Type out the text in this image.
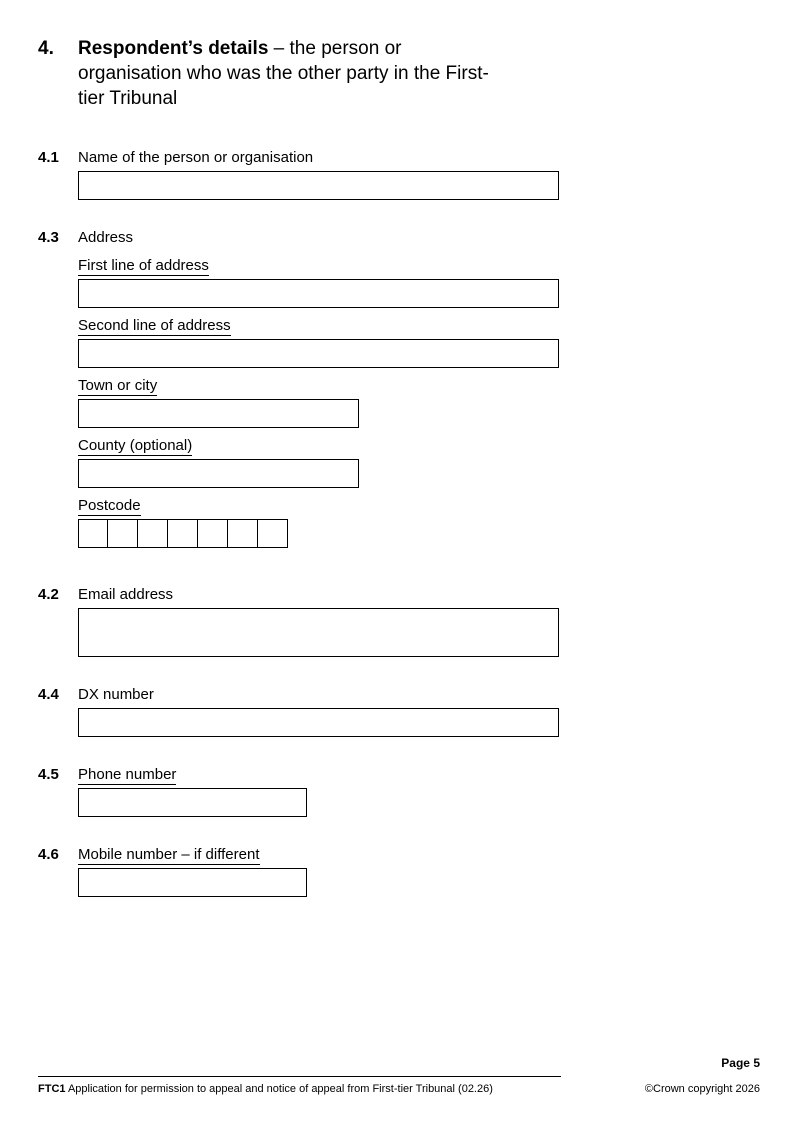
4.	Respondent’s details – the person or organisation who was the other party in the First-tier Tribunal
4.1	Name of the person or organisation
4.3	Address
First line of address
Second line of address
Town or city
County (optional)
Postcode
4.2	Email address
4.4	DX number
4.5	Phone number
4.6	Mobile number – if different
Page 5
FTC1 Application for permission to appeal and notice of appeal from First-tier Tribunal (02.26)	©Crown copyright 2026
